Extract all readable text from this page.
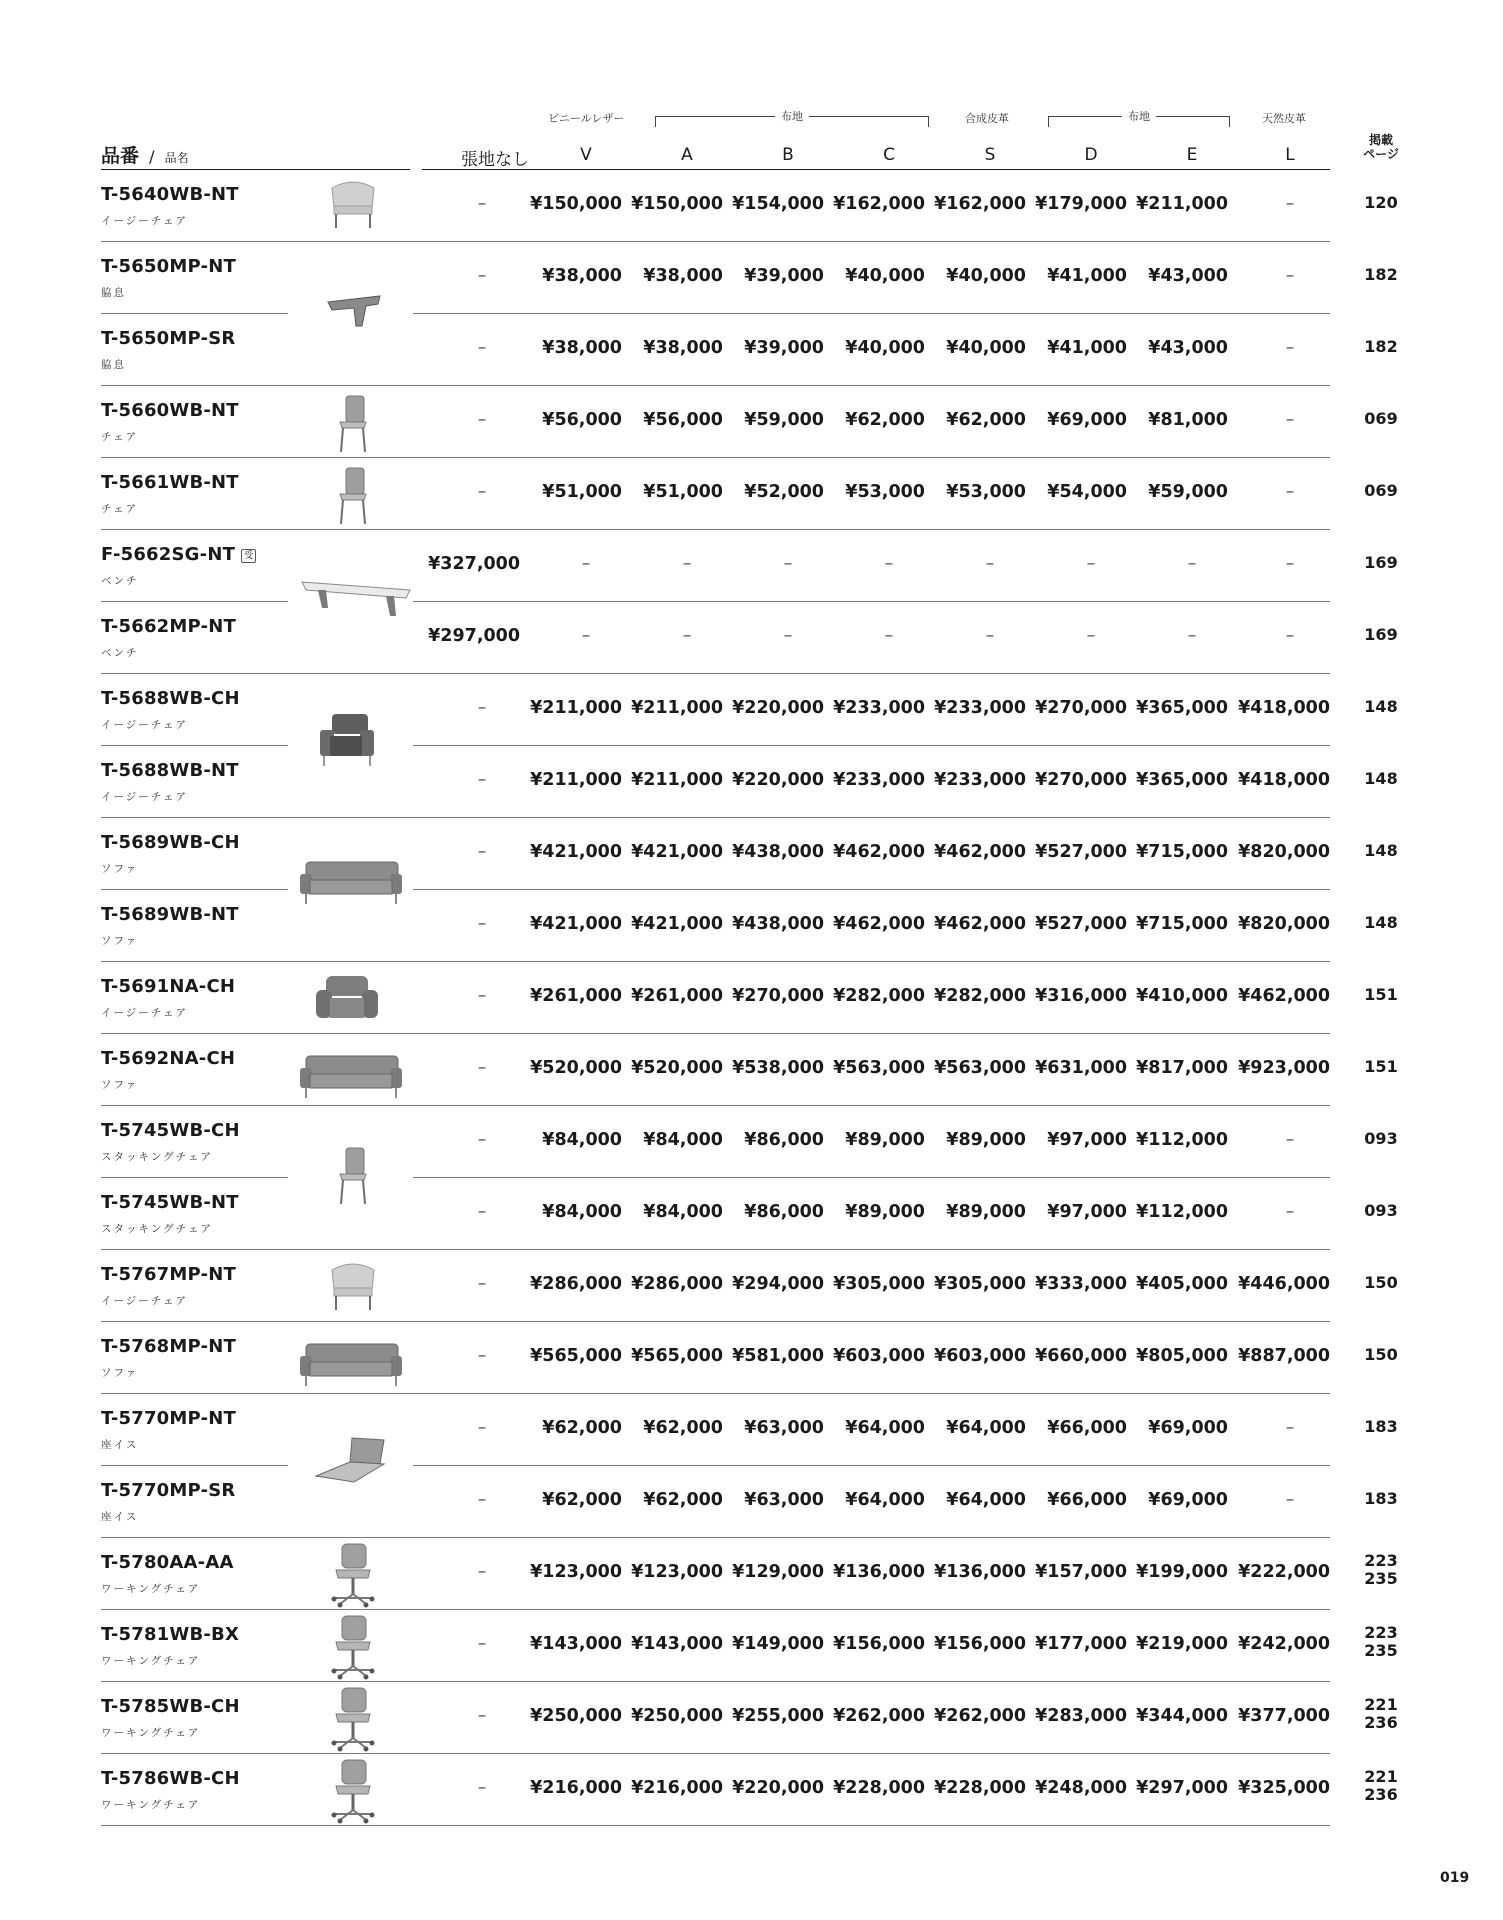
ビニールレザー	布地	合成皮革	布地	天然皮革
品番 / 品名	張地なし	V	A	B	C	S	D	E	L
掲載
ページ
T-5640WB-NT
イージーチェア
–	¥150,000 ¥150,000 ¥154,000 ¥162,000 ¥162,000 ¥179,000 ¥211,000	–	120
T-5650MP-NT
脇息
–	¥38,000	¥38,000	¥39,000	¥40,000	¥40,000	¥41,000	¥43,000	–	182
T-5650MP-SR
脇息
–	¥38,000	¥38,000	¥39,000	¥40,000	¥40,000	¥41,000	¥43,000	–	182
T-5660WB-NT
チェア
–	¥56,000	¥56,000	¥59,000	¥62,000	¥62,000	¥69,000	¥81,000	–	069
T-5661WB-NT
チェア
–	¥51,000	¥51,000	¥52,000	¥53,000	¥53,000	¥54,000	¥59,000	–	069
F-5662SG-NT 受
ベンチ
¥327,000	–	–	–	–	–	–	–	–	169
T-5662MP-NT
ベンチ
¥297,000	–	–	–	–	–	–	–	–	169
T-5688WB-CH
イージーチェア
–	¥211,000 ¥211,000 ¥220,000 ¥233,000 ¥233,000 ¥270,000 ¥365,000 ¥418,000	148
T-5688WB-NT
イージーチェア
–	¥211,000 ¥211,000 ¥220,000 ¥233,000 ¥233,000 ¥270,000 ¥365,000 ¥418,000	148
T-5689WB-CH
ソファ
–	¥421,000 ¥421,000 ¥438,000 ¥462,000 ¥462,000 ¥527,000 ¥715,000 ¥820,000	148
T-5689WB-NT
ソファ
–	¥421,000 ¥421,000 ¥438,000 ¥462,000 ¥462,000 ¥527,000 ¥715,000 ¥820,000	148
T-5691NA-CH
イージーチェア
–	¥261,000 ¥261,000 ¥270,000 ¥282,000 ¥282,000 ¥316,000 ¥410,000 ¥462,000	151
T-5692NA-CH
ソファ
–	¥520,000 ¥520,000 ¥538,000 ¥563,000 ¥563,000 ¥631,000 ¥817,000 ¥923,000	151
T-5745WB-CH
スタッキングチェア
–	¥84,000	¥84,000	¥86,000	¥89,000	¥89,000	¥97,000 ¥112,000	–	093
T-5745WB-NT
スタッキングチェア
–	¥84,000	¥84,000	¥86,000	¥89,000	¥89,000	¥97,000 ¥112,000	–	093
T-5767MP-NT
イージーチェア
–	¥286,000 ¥286,000 ¥294,000 ¥305,000 ¥305,000 ¥333,000 ¥405,000 ¥446,000	150
T-5768MP-NT
ソファ
–	¥565,000 ¥565,000 ¥581,000 ¥603,000 ¥603,000 ¥660,000 ¥805,000 ¥887,000	150
T-5770MP-NT
座イス
–	¥62,000	¥62,000	¥63,000	¥64,000	¥64,000	¥66,000	¥69,000	–	183
T-5770MP-SR
座イス
–	¥62,000	¥62,000	¥63,000	¥64,000	¥64,000	¥66,000	¥69,000	–	183
T-5780AA-AA
ワーキングチェア
–	¥123,000 ¥123,000 ¥129,000 ¥136,000 ¥136,000 ¥157,000 ¥199,000 ¥222,000
223
235
T-5781WB-BX
ワーキングチェア
–	¥143,000 ¥143,000 ¥149,000 ¥156,000 ¥156,000 ¥177,000 ¥219,000 ¥242,000
223
235
T-5785WB-CH
ワーキングチェア
–	¥250,000 ¥250,000 ¥255,000 ¥262,000 ¥262,000 ¥283,000 ¥344,000 ¥377,000
221
236
T-5786WB-CH
ワーキングチェア
–	¥216,000 ¥216,000 ¥220,000 ¥228,000 ¥228,000 ¥248,000 ¥297,000 ¥325,000
221
236
019
